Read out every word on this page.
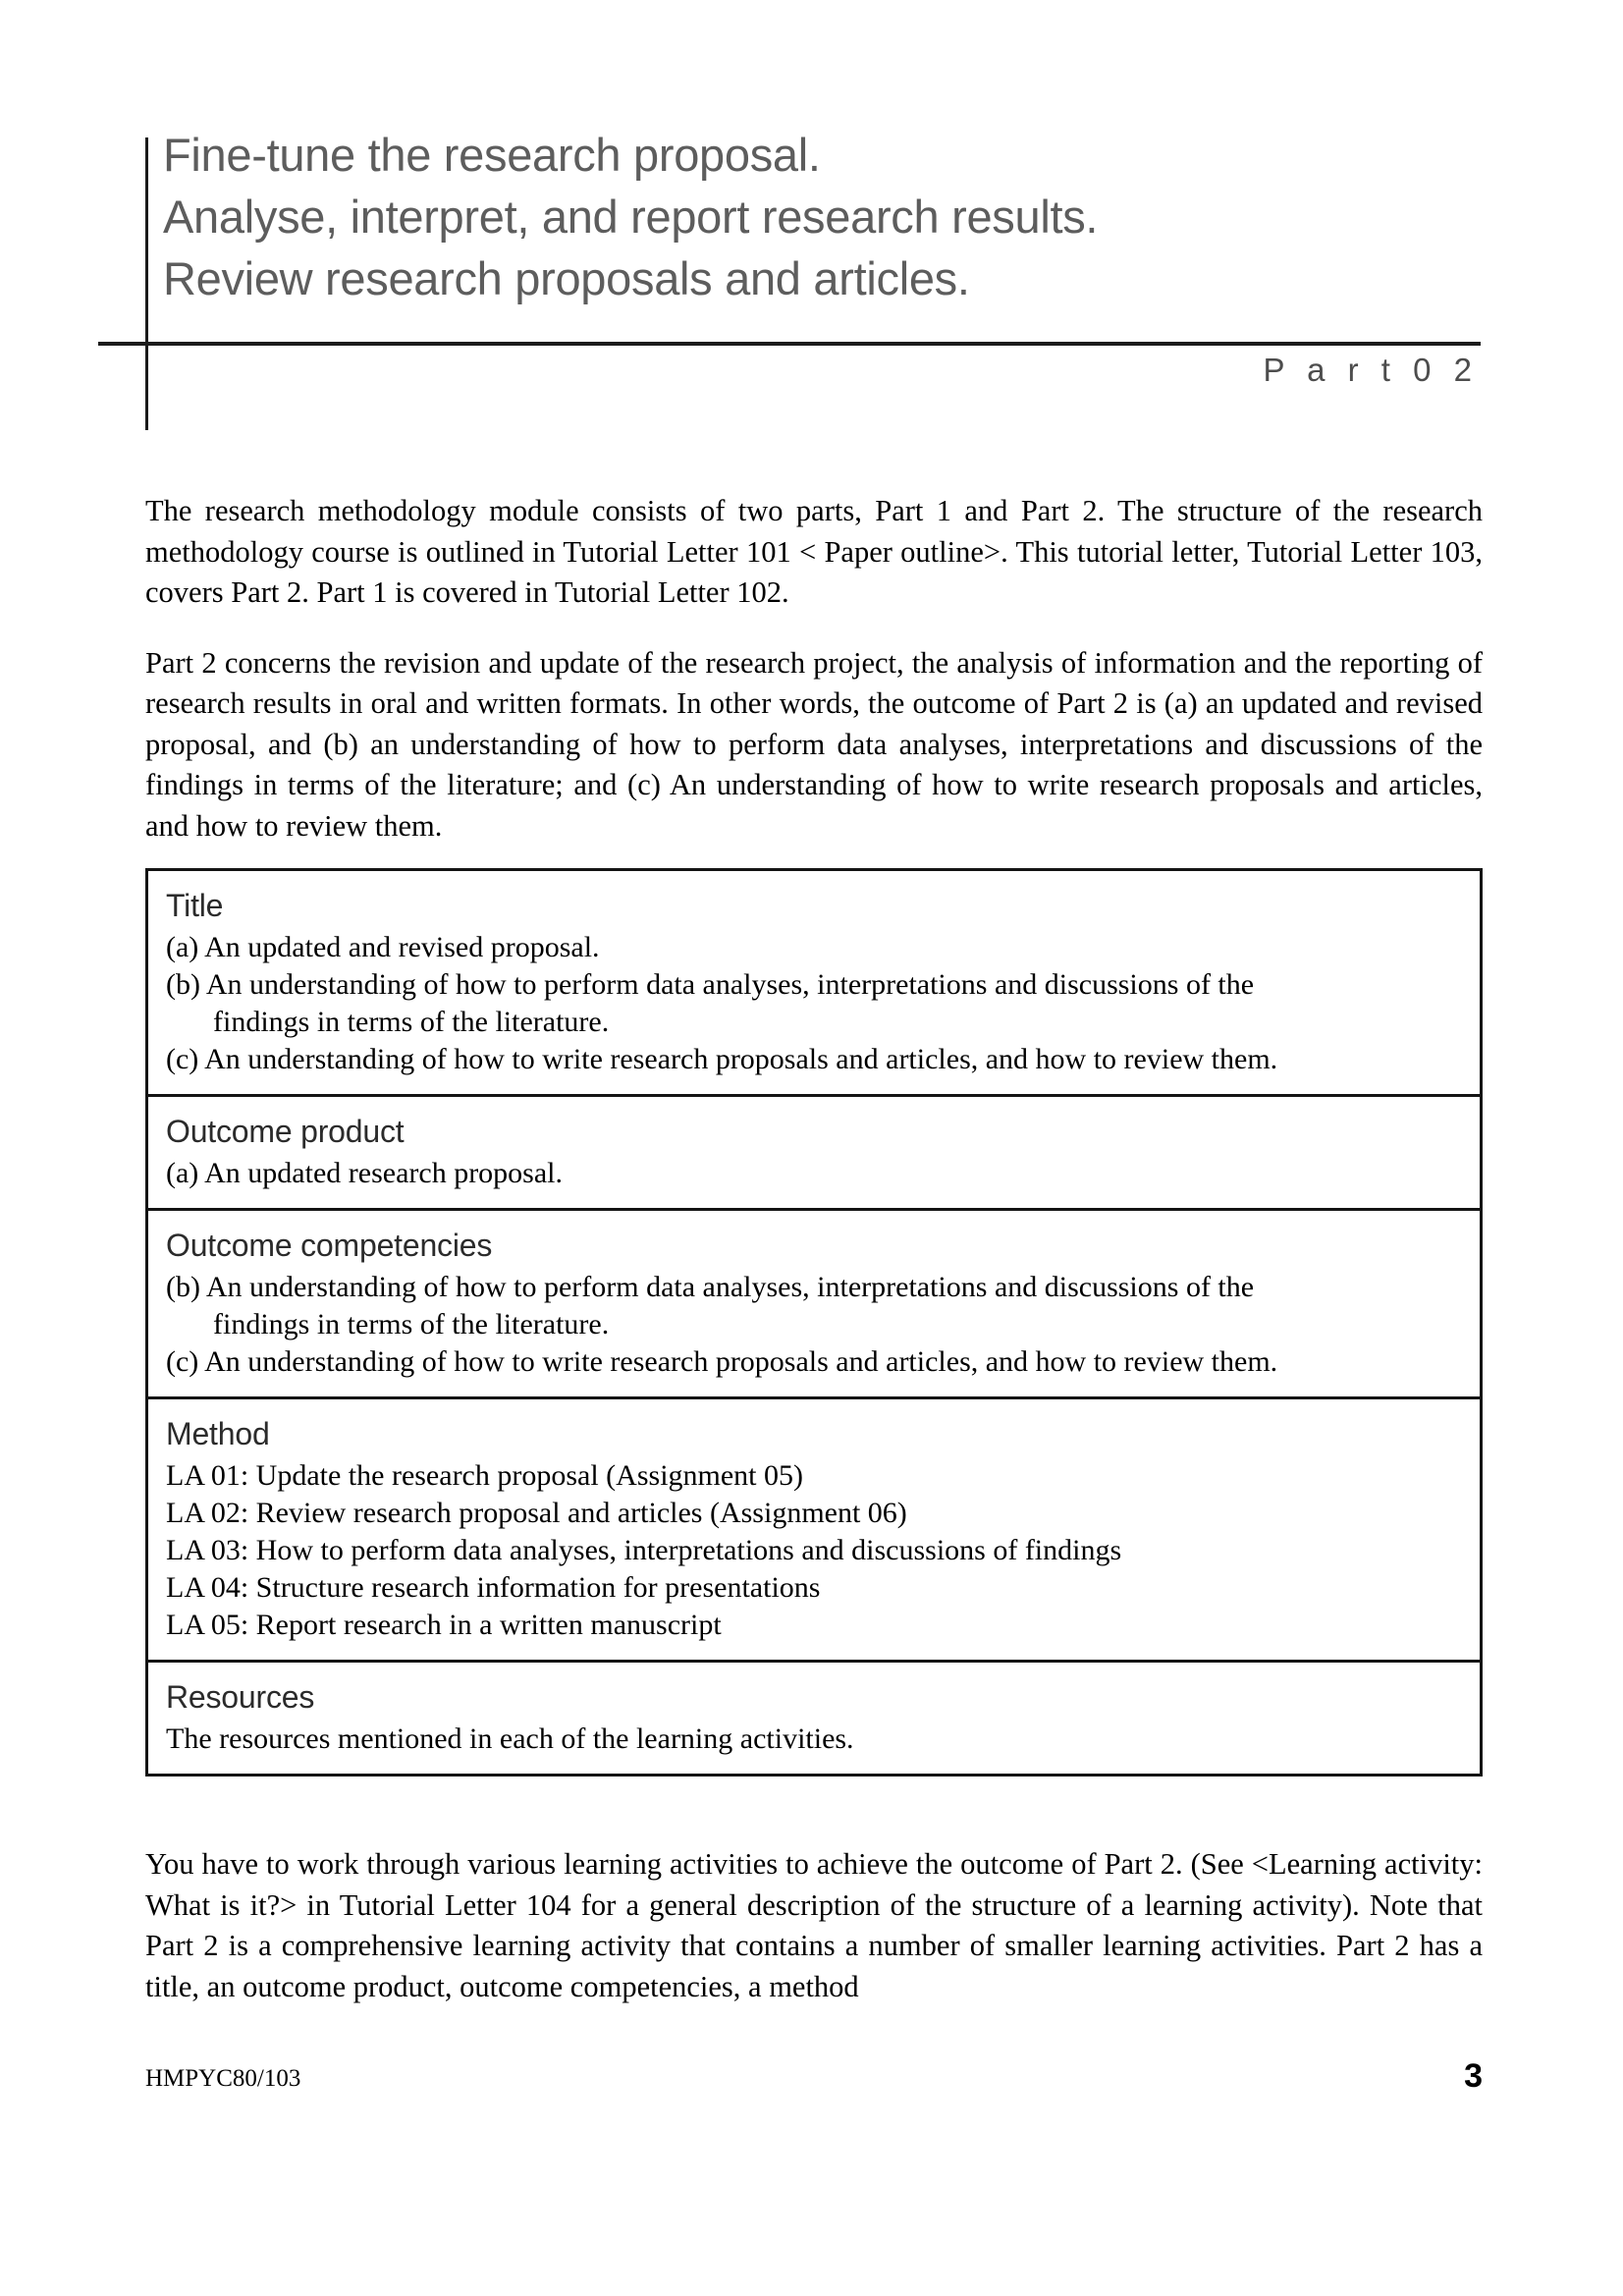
Fine-tune the research proposal.
Analyse, interpret, and report research results.
Review research proposals and articles.
P a r t 0 2

The research methodology module consists of two parts, Part 1 and Part 2. The structure of the research methodology course is outlined in Tutorial Letter 101 < Paper outline>. This tutorial letter, Tutorial Letter 103, covers Part 2. Part 1 is covered in Tutorial Letter 102.

Part 2 concerns the revision and update of the research project, the analysis of information and the reporting of research results in oral and written formats. In other words, the outcome of Part 2 is (a) an updated and revised proposal, and (b) an understanding of how to perform data analyses, interpretations and discussions of the findings in terms of the literature; and (c) An understanding of how to write research proposals and articles, and how to review them.

Title
(a) An updated and revised proposal.
(b) An understanding of how to perform data analyses, interpretations and discussions of the
findings in terms of the literature.
(c) An understanding of how to write research proposals and articles, and how to review them.
Outcome product
(a) An updated research proposal.
Outcome competencies
(b) An understanding of how to perform data analyses, interpretations and discussions of the
findings in terms of the literature.
(c) An understanding of how to write research proposals and articles, and how to review them.
Method
LA 01: Update the research proposal (Assignment 05)
LA 02: Review research proposal and articles (Assignment 06)
LA 03: How to perform data analyses, interpretations and discussions of findings
LA 04: Structure research information for presentations
LA 05: Report research in a written manuscript
Resources
The resources mentioned in each of the learning activities.

You have to work through various learning activities to achieve the outcome of Part 2. (See <Learning activity: What is it?> in Tutorial Letter 104 for a general description of the structure of a learning activity). Note that Part 2 is a comprehensive learning activity that contains a number of smaller learning activities. Part 2 has a title, an outcome product, outcome competencies, a method

HMPYC80/103	3
